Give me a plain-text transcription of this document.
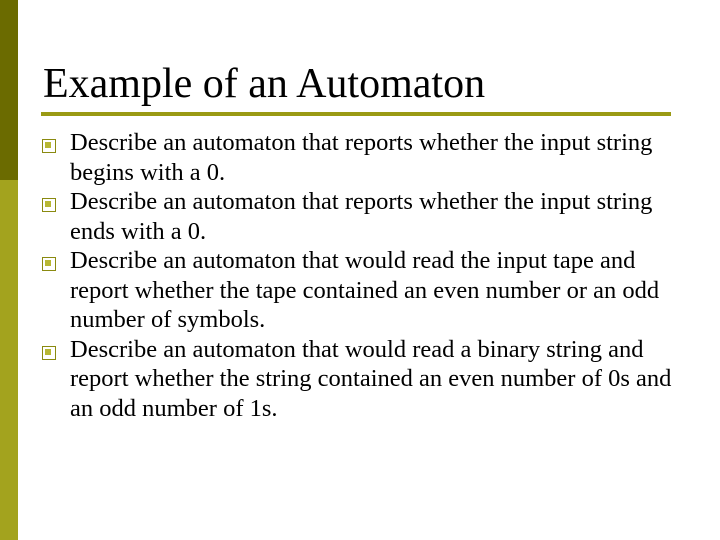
Example of an Automaton
Describe an automaton that reports whether the input string begins with a 0.
Describe an automaton that reports whether the input string ends with a 0.
Describe an automaton that would read the input tape and report whether the tape contained an even number or an odd number of symbols.
Describe an automaton that would read a binary string and report whether the string contained an even number of 0s and an odd number of 1s.
